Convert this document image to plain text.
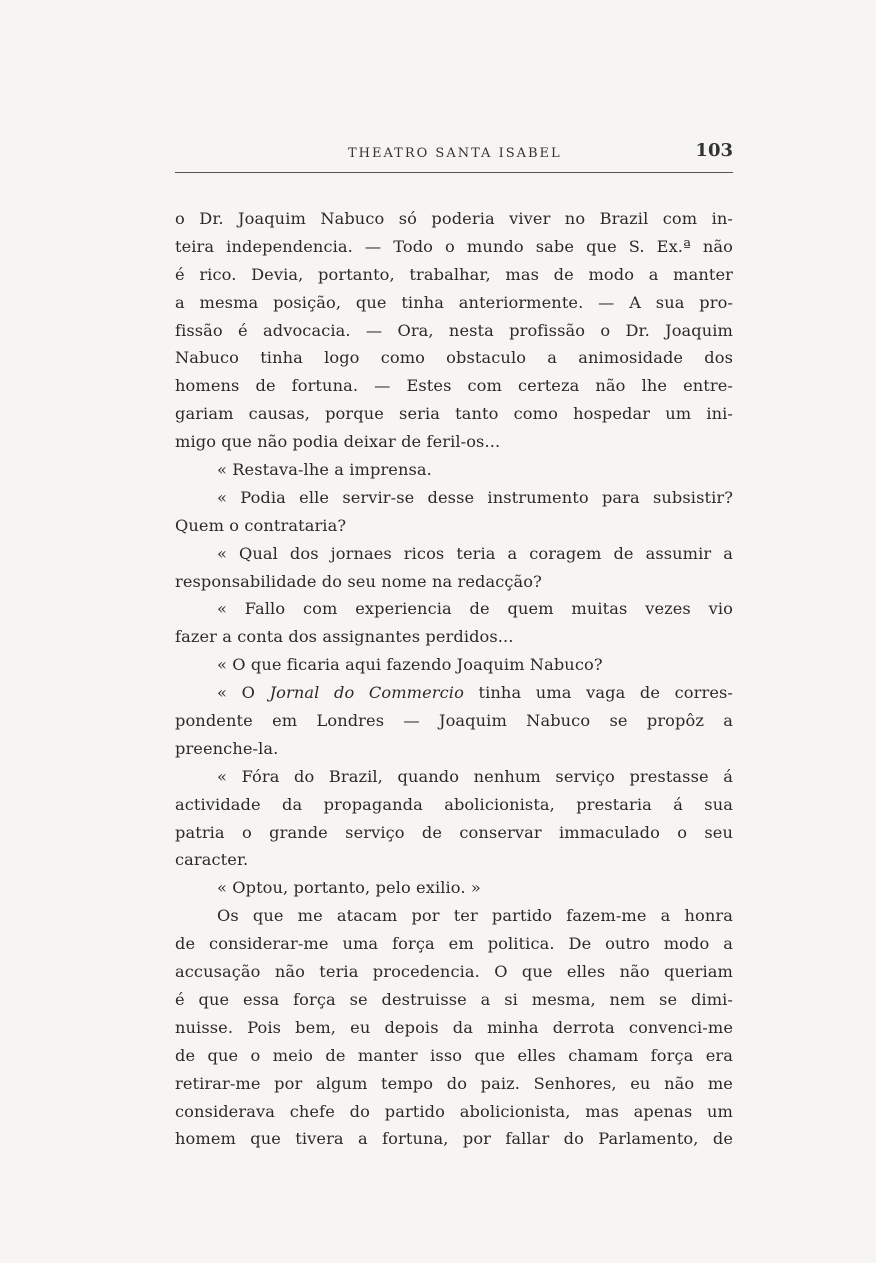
THEATRO SANTA ISABEL	103
o Dr. Joaquim Nabuco só poderia viver no Brazil com in-
teira independencia. — Todo o mundo sabe que S. Ex.ª não
é rico. Devia, portanto, trabalhar, mas de modo a manter
a mesma posição, que tinha anteriormente. — A sua pro-
fissão é advocacia. — Ora, nesta profissão o Dr. Joaquim
Nabuco tinha logo como obstaculo a animosidade dos
homens de fortuna. — Estes com certeza não lhe entre-
gariam causas, porque seria tanto como hospedar um ini-
migo que não podia deixar de feril-os...
« Restava-lhe a imprensa.
« Podia elle servir-se desse instrumento para subsistir?
Quem o contrataria?
« Qual dos jornaes ricos teria a coragem de assumir a
responsabilidade do seu nome na redacção?
« Fallo com experiencia de quem muitas vezes vio
fazer a conta dos assignantes perdidos...
« O que ficaria aqui fazendo Joaquim Nabuco?
« O Jornal do Commercio tinha uma vaga de corres-
pondente em Londres — Joaquim Nabuco se propôz a
preenche-la.
« Fóra do Brazil, quando nenhum serviço prestasse á
actividade da propaganda abolicionista, prestaria á sua
patria o grande serviço de conservar immaculado o seu
caracter.
« Optou, portanto, pelo exilio. »
Os que me atacam por ter partido fazem-me a honra
de considerar-me uma força em politica. De outro modo a
accusação não teria procedencia. O que elles não queriam
é que essa força se destruisse a si mesma, nem se dimi-
nuisse. Pois bem, eu depois da minha derrota convenci-me
de que o meio de manter isso que elles chamam força era
retirar-me por algum tempo do paiz. Senhores, eu não me
considerava chefe do partido abolicionista, mas apenas um
homem que tivera a fortuna, por fallar do Parlamento, de
